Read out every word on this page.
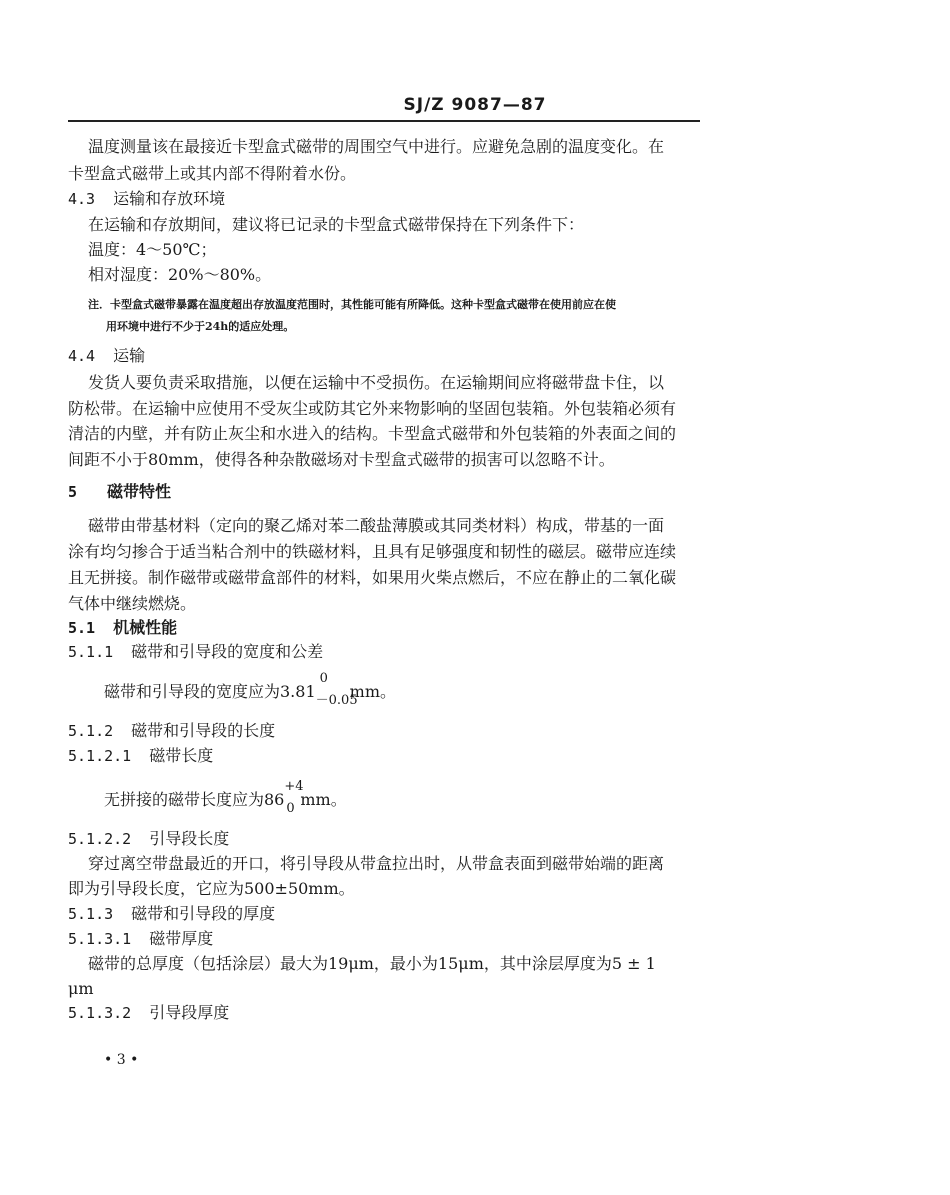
SJ/Z 9087—87
温度测量该在最接近卡型盒式磁带的周围空气中进行。应避免急剧的温度变化。在
卡型盒式磁带上或其内部不得附着水份。
4.3 运输和存放环境
在运输和存放期间，建议将已记录的卡型盒式磁带保持在下列条件下：
温度：4～50℃；
相对湿度：20%～80%。
注．卡型盒式磁带暴露在温度超出存放温度范围时，其性能可能有所降低。这种卡型盒式磁带在使用前应在使
用环境中进行不少于24h的适应处理。
4.4 运输
发货人要负责采取措施，以便在运输中不受损伤。在运输期间应将磁带盘卡住，以
防松带。在运输中应使用不受灰尘或防其它外来物影响的坚固包装箱。外包装箱必须有
清洁的内壁，并有防止灰尘和水进入的结构。卡型盒式磁带和外包装箱的外表面之间的
间距不小于80mm，使得各种杂散磁场对卡型盒式磁带的损害可以忽略不计。
5 磁带特性
磁带由带基材料（定向的聚乙烯对苯二酸盐薄膜或其同类材料）构成，带基的一面
涂有均匀掺合于适当粘合剂中的铁磁材料，且具有足够强度和韧性的磁层。磁带应连续
且无拼接。制作磁带或磁带盒部件的材料，如果用火柴点燃后，不应在静止的二氧化碳
气体中继续燃烧。
5.1 机械性能
5.1.1 磁带和引导段的宽度和公差
磁带和引导段的宽度应为3.81
0
－0.05
mm。
5.1.2 磁带和引导段的长度
5.1.2.1 磁带长度
无拼接的磁带长度应为86
+4
0 mm。
5.1.2.2 引导段长度
穿过离空带盘最近的开口，将引导段从带盒拉出时，从带盒表面到磁带始端的距离
即为引导段长度，它应为500±50mm。
5.1.3 磁带和引导段的厚度
5.1.3.1 磁带厚度
磁带的总厚度（包括涂层）最大为19μm，最小为15μm，其中涂层厚度为5 ± 1
μm
5.1.3.2 引导段厚度
• 3 •
